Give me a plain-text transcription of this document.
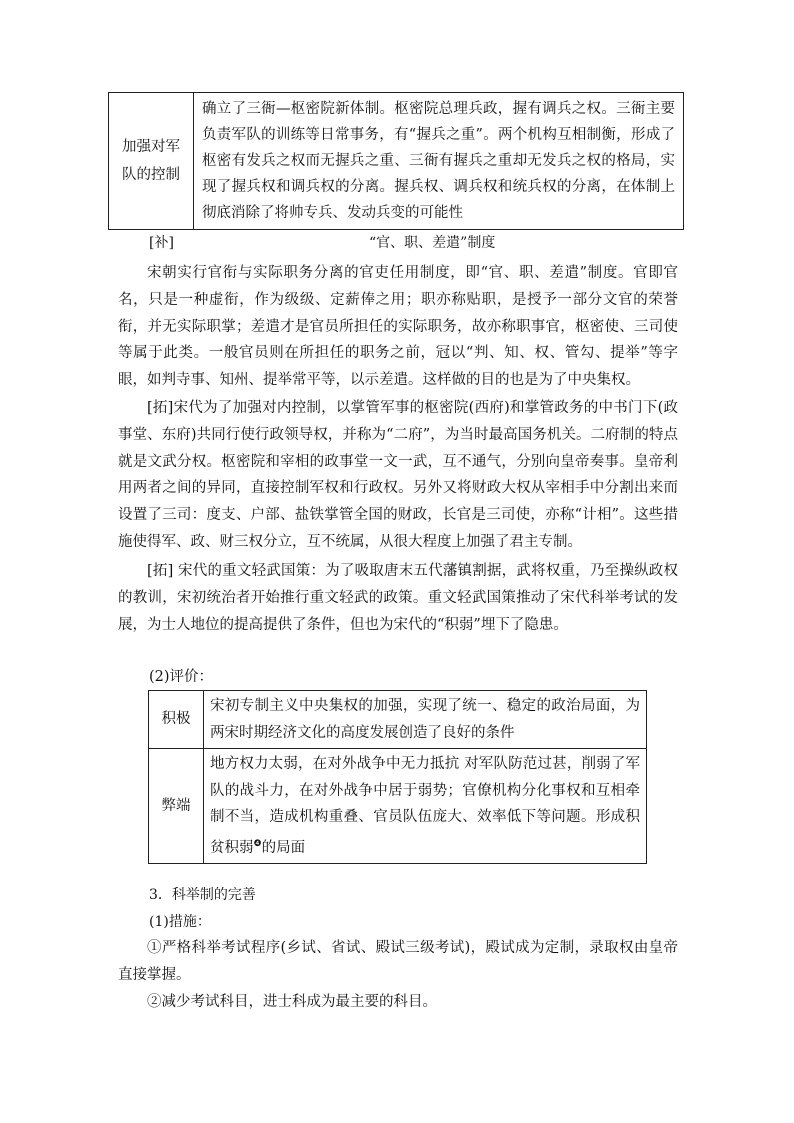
加强对军队的控制	确立了三衙—枢密院新体制。枢密院总理兵政，握有调兵之权。三衙主要负责军队的训练等日常事务，有“握兵之重”。两个机构互相制衡，形成了枢密有发兵之权而无握兵之重、三衙有握兵之重却无发兵之权的格局，实现了握兵权和调兵权的分离。握兵权、调兵权和统兵权的分离，在体制上彻底消除了将帅专兵、发动兵变的可能性
[补]	“官、职、差遣”制度
宋朝实行官衔与实际职务分离的官吏任用制度，即“官、职、差遣”制度。官即官名，只是一种虚衔，作为级级、定薪俸之用；职亦称贴职，是授予一部分文官的荣誉衔，并无实际职掌；差遣才是官员所担任的实际职务，故亦称职事官，枢密使、三司使等属于此类。一般官员则在所担任的职务之前，冠以“判、知、权、管勾、提举”等字眼，如判寺事、知州、提举常平等，以示差遣。这样做的目的也是为了中央集权。
[拓]宋代为了加强对内控制，以掌管军事的枢密院(西府)和掌管政务的中书门下(政事堂、东府)共同行使行政领导权，并称为“二府”，为当时最高国务机关。二府制的特点就是文武分权。枢密院和宰相的政事堂一文一武，互不通气，分别向皇帝奏事。皇帝利用两者之间的异同，直接控制军权和行政权。另外又将财政大权从宰相手中分割出来而设置了三司：度支、户部、盐铁掌管全国的财政，长官是三司使，亦称“计相”。这些措施使得军、政、财三权分立，互不统属，从很大程度上加强了君主专制。
[拓] 宋代的重文轻武国策：为了吸取唐末五代藩镇割据，武将权重，乃至操纵政权的教训，宋初统治者开始推行重文轻武的政策。重文轻武国策推动了宋代科举考试的发展，为士人地位的提高提供了条件，但也为宋代的“积弱”埋下了隐患。
(2)评价：
积极	宋初专制主义中央集权的加强，实现了统一、稳定的政治局面，为两宋时期经济文化的高度发展创造了良好的条件
弊端	地方权力太弱，在对外战争中无力抵抗 对军队防范过甚，削弱了军队的战斗力，在对外战争中居于弱势；官僚机构分化事权和互相牵制不当，造成机构重叠、官员队伍庞大、效率低下等问题。形成积贫积弱$^❹$的局面
3．科举制的完善
(1)措施：
①严格科举考试程序(乡试、省试、殿试三级考试)，殿试成为定制，录取权由皇帝直接掌握。
②减少考试科目，进士科成为最主要的科目。
